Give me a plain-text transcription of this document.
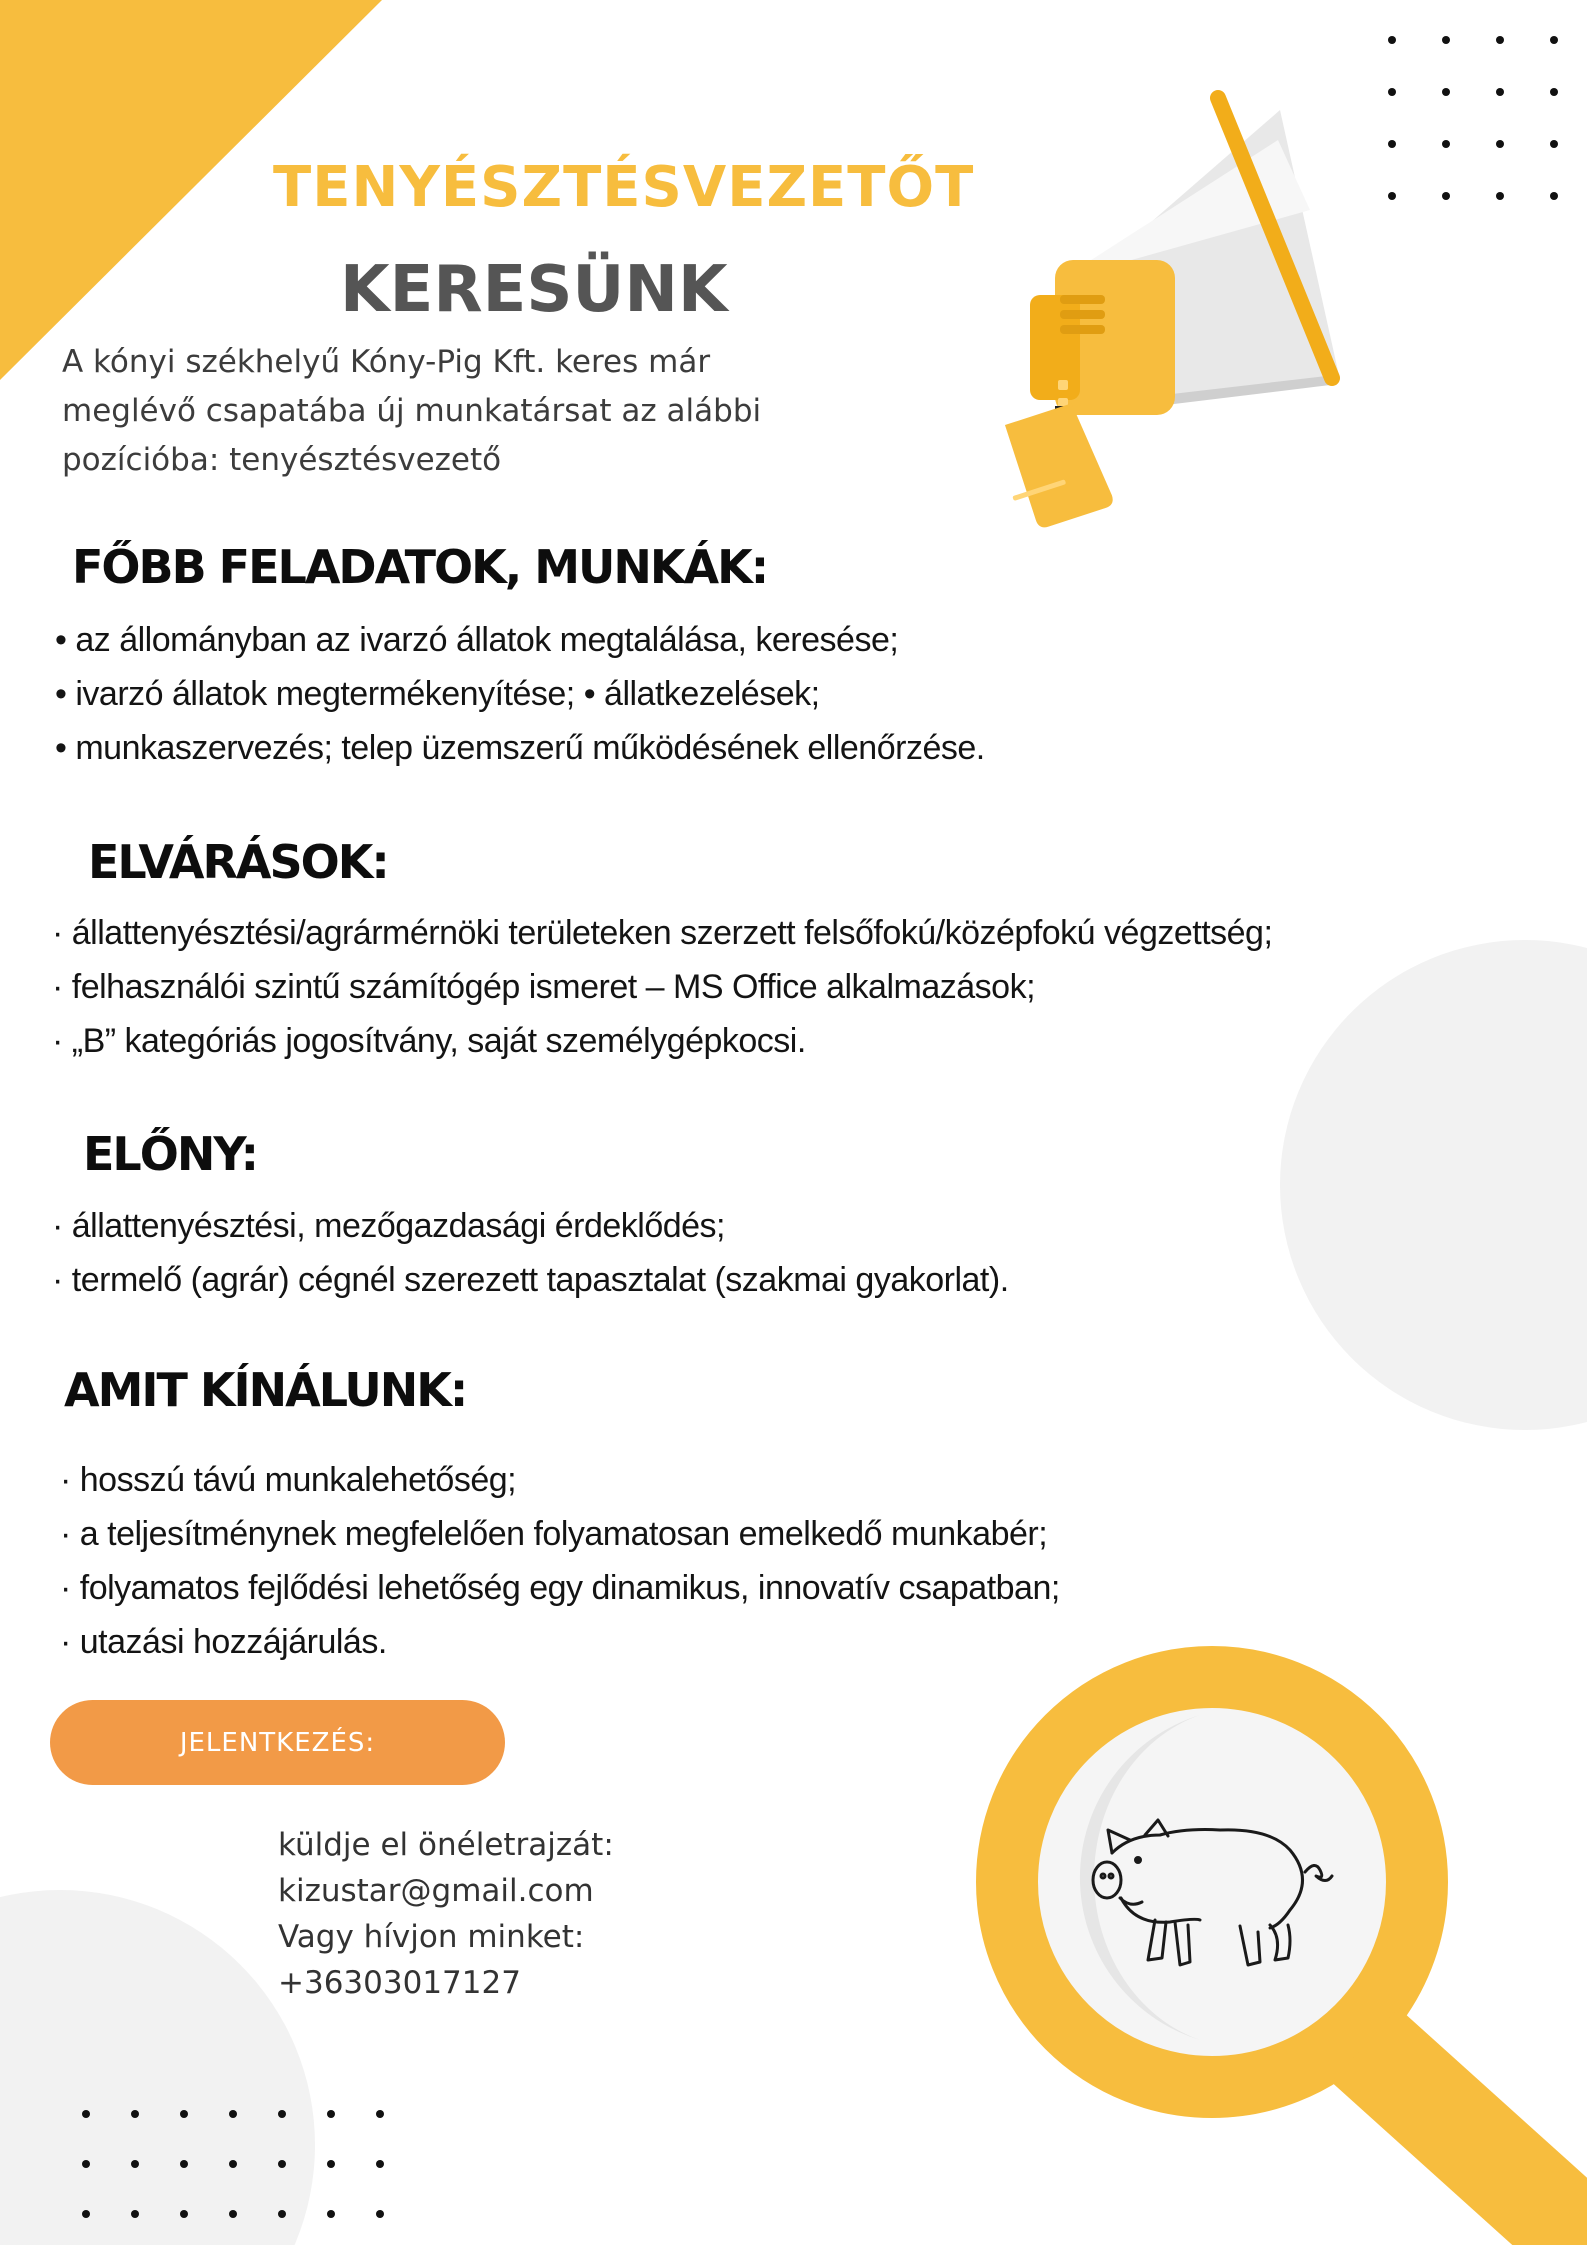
TENYÉSZTÉSVEZETŐT
KERESÜNK
A kónyi székhelyű Kóny-Pig Kft. keres már
meglévő csapatába új munkatársat az alábbi
pozícióba: tenyésztésvezető
FŐBB FELADATOK, MUNKÁK:
• az állományban az ivarzó állatok megtalálása, keresése;
• ivarzó állatok megtermékenyítése; • állatkezelések;
• munkaszervezés; telep üzemszerű működésének ellenőrzése.
ELVÁRÁSOK:
· állattenyésztési/agrármérnöki területeken szerzett felsőfokú/középfokú végzettség;
· felhasználói szintű számítógép ismeret – MS Office alkalmazások;
· „B” kategóriás jogosítvány, saját személygépkocsi.
ELŐNY:
· állattenyésztési, mezőgazdasági érdeklődés;
· termelő (agrár) cégnél szerezett tapasztalat (szakmai gyakorlat).
AMIT KÍNÁLUNK:
· hosszú távú munkalehetőség;
· a teljesítménynek megfelelően folyamatosan emelkedő munkabér;
· folyamatos fejlődési lehetőség egy dinamikus, innovatív csapatban;
· utazási hozzájárulás.
JELENTKEZÉS:
küldje el önéletrajzát:
kizustar@gmail.com
Vagy hívjon minket:
+36303017127
